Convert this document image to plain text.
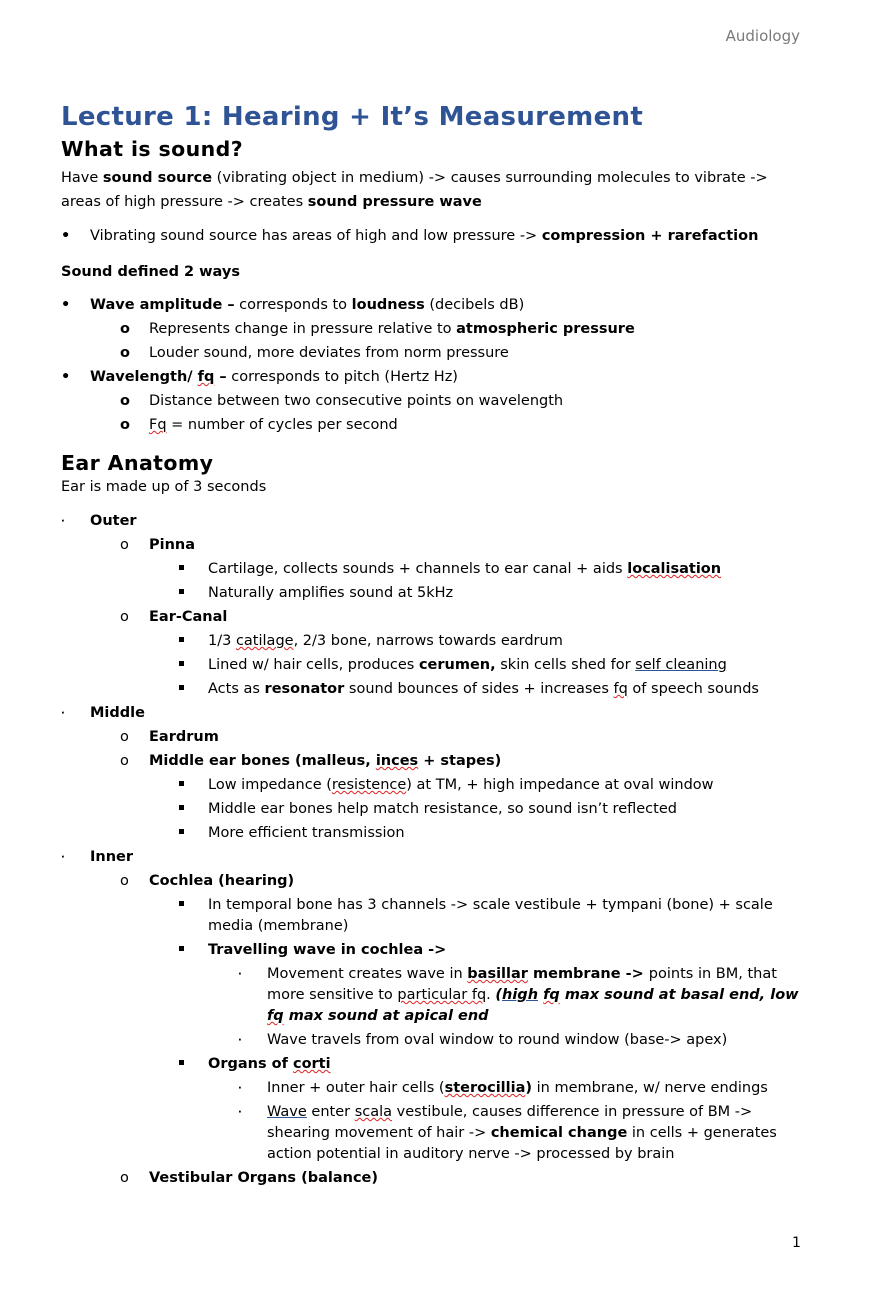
Audiology
Lecture 1: Hearing + It’s Measurement
What is sound?

Have sound source (vibrating object in medium) -> causes surrounding molecules to vibrate -> areas of high pressure -> creates sound pressure wave

• Vibrating sound source has areas of high and low pressure -> compression + rarefaction

Sound defined 2 ways

• Wave amplitude – corresponds to loudness (decibels dB)
o Represents change in pressure relative to atmospheric pressure
o Louder sound, more deviates from norm pressure
• Wavelength/ fq – corresponds to pitch (Hertz Hz)
o Distance between two consecutive points on wavelength
o Fq = number of cycles per second
Ear Anatomy

Ear is made up of 3 seconds

· Outer
o Pinna
Cartilage, collects sounds + channels to ear canal + aids localisation
Naturally amplifies sound at 5kHz
o Ear-Canal
1/3 catilage, 2/3 bone, narrows towards eardrum
Lined w/ hair cells, produces cerumen, skin cells shed for self cleaning
Acts as resonator sound bounces of sides + increases fq of speech sounds
· Middle
o Eardrum
o Middle ear bones (malleus, inces + stapes)
Low impedance (resistence) at TM, + high impedance at oval window
Middle ear bones help match resistance, so sound isn’t reflected
More efficient transmission
· Inner
o Cochlea (hearing)
In temporal bone has 3 channels -> scale vestibule + tympani (bone) + scale media (membrane)
Travelling wave in cochlea ->
· Movement creates wave in basillar membrane -> points in BM, that more sensitive to particular fq. (high fq max sound at basal end, low fq max sound at apical end
· Wave travels from oval window to round window (base-> apex)
Organs of corti
· Inner + outer hair cells (sterocillia) in membrane, w/ nerve endings
· Wave enter scala vestibule, causes difference in pressure of BM -> shearing movement of hair -> chemical change in cells + generates action potential in auditory nerve -> processed by brain
o Vestibular Organs (balance)
1
